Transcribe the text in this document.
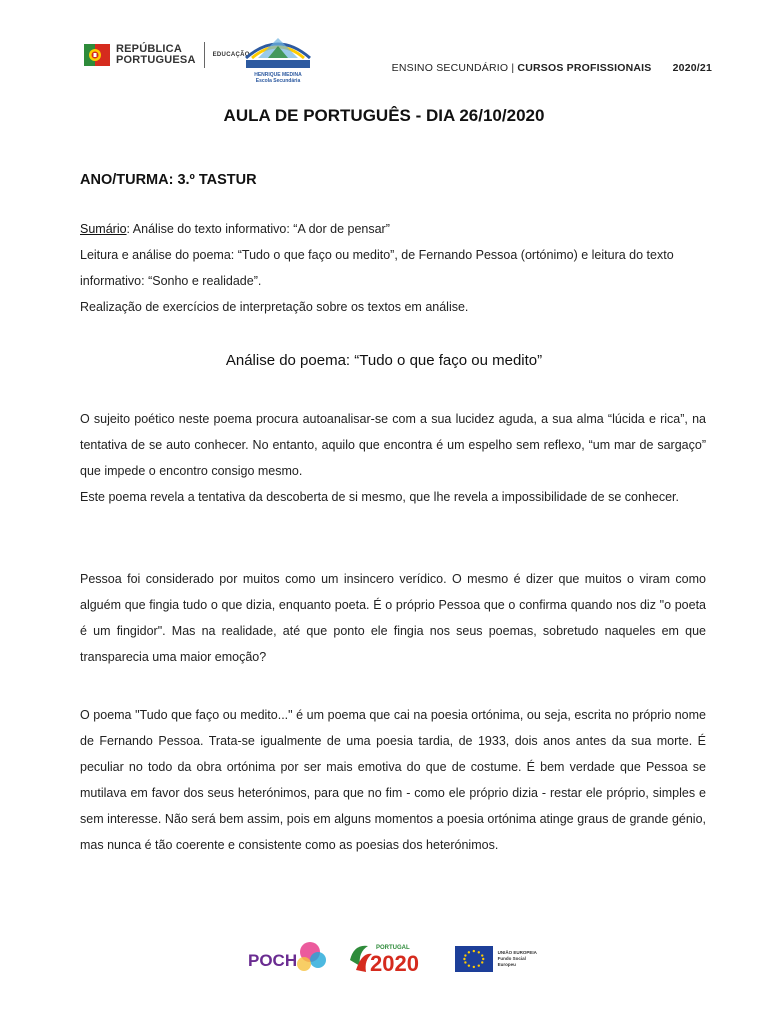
REPÚBLICA
PORTUGUESA	EDUCAÇÃO
HENRIQUE MEDINA
Escola Secundária
ENSINO SECUNDÁRIO | CURSOS PROFISSIONAIS 2020/21
AULA DE PORTUGUÊS - DIA 26/10/2020
ANO/TURMA: 3.º TASTUR

Sumário: Análise do texto informativo: “A dor de pensar”

Leitura e análise do poema: “Tudo o que faço ou medito”, de Fernando Pessoa (ortónimo) e leitura do texto informativo: “Sonho e realidade”.

Realização de exercícios de interpretação sobre os textos em análise.

Análise do poema: “Tudo o que faço ou medito”

O sujeito poético neste poema procura autoanalisar-se com a sua lucidez aguda, a sua alma “lúcida e rica”, na tentativa de se auto conhecer. No entanto, aquilo que encontra é um espelho sem reflexo, “um mar de sargaço” que impede o encontro consigo mesmo.

Este poema revela a tentativa da descoberta de si mesmo, que lhe revela a impossibilidade de se conhecer.

Pessoa foi considerado por muitos como um insincero verídico. O mesmo é dizer que muitos o viram como alguém que fingia tudo o que dizia, enquanto poeta. É o próprio Pessoa que o confirma quando nos diz "o poeta é um fingidor". Mas na realidade, até que ponto ele fingia nos seus poemas, sobretudo naqueles em que transparecia uma maior emoção?

O poema "Tudo que faço ou medito..." é um poema que cai na poesia ortónima, ou seja, escrita no próprio nome de Fernando Pessoa. Trata-se igualmente de uma poesia tardia, de 1933, dois anos antes da sua morte. É peculiar no todo da obra ortónima por ser mais emotiva do que de costume. É bem verdade que Pessoa se mutilava em favor dos seus heterónimos, para que no fim - como ele próprio dizia - restar ele próprio, simples e sem interesse. Não será bem assim, pois em alguns momentos a poesia ortónima atinge graus de grande génio, mas nunca é tão coerente e consistente como as poesias dos heterónimos.

POCH
PORTUGAL
2020	UNIÃO EUROPEIA
Fundo Social Europeu
